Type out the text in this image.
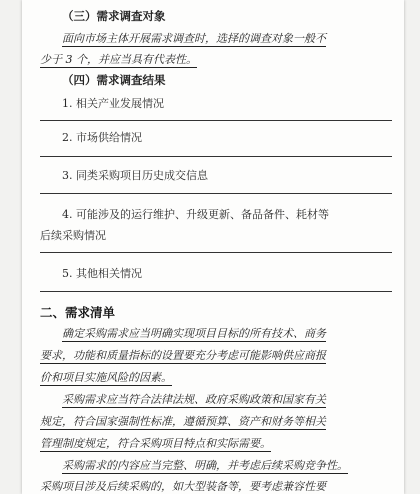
（三）需求调查对象
面向市场主体开展需求调查时，选择的调查对象一般不
少于 3 个，并应当具有代表性。
（四）需求调查结果
1. 相关产业发展情况
2. 市场供给情况
3. 同类采购项目历史成交信息
4. 可能涉及的运行维护、升级更新、备品备件、耗材等
后续采购情况
5. 其他相关情况
二、需求清单
确定采购需求应当明确实现项目目标的所有技术、商务
要求，功能和质量指标的设置要充分考虑可能影响供应商报
价和项目实施风险的因素。
采购需求应当符合法律法规、政府采购政策和国家有关
规定，符合国家强制性标准，遵循预算、资产和财务等相关
管理制度规定，符合采购项目特点和实际需要。
采购需求的内容应当完整、明确，并考虑后续采购竞争性。
采购项目涉及后续采购的，如大型装备等，要考虑兼容性要
